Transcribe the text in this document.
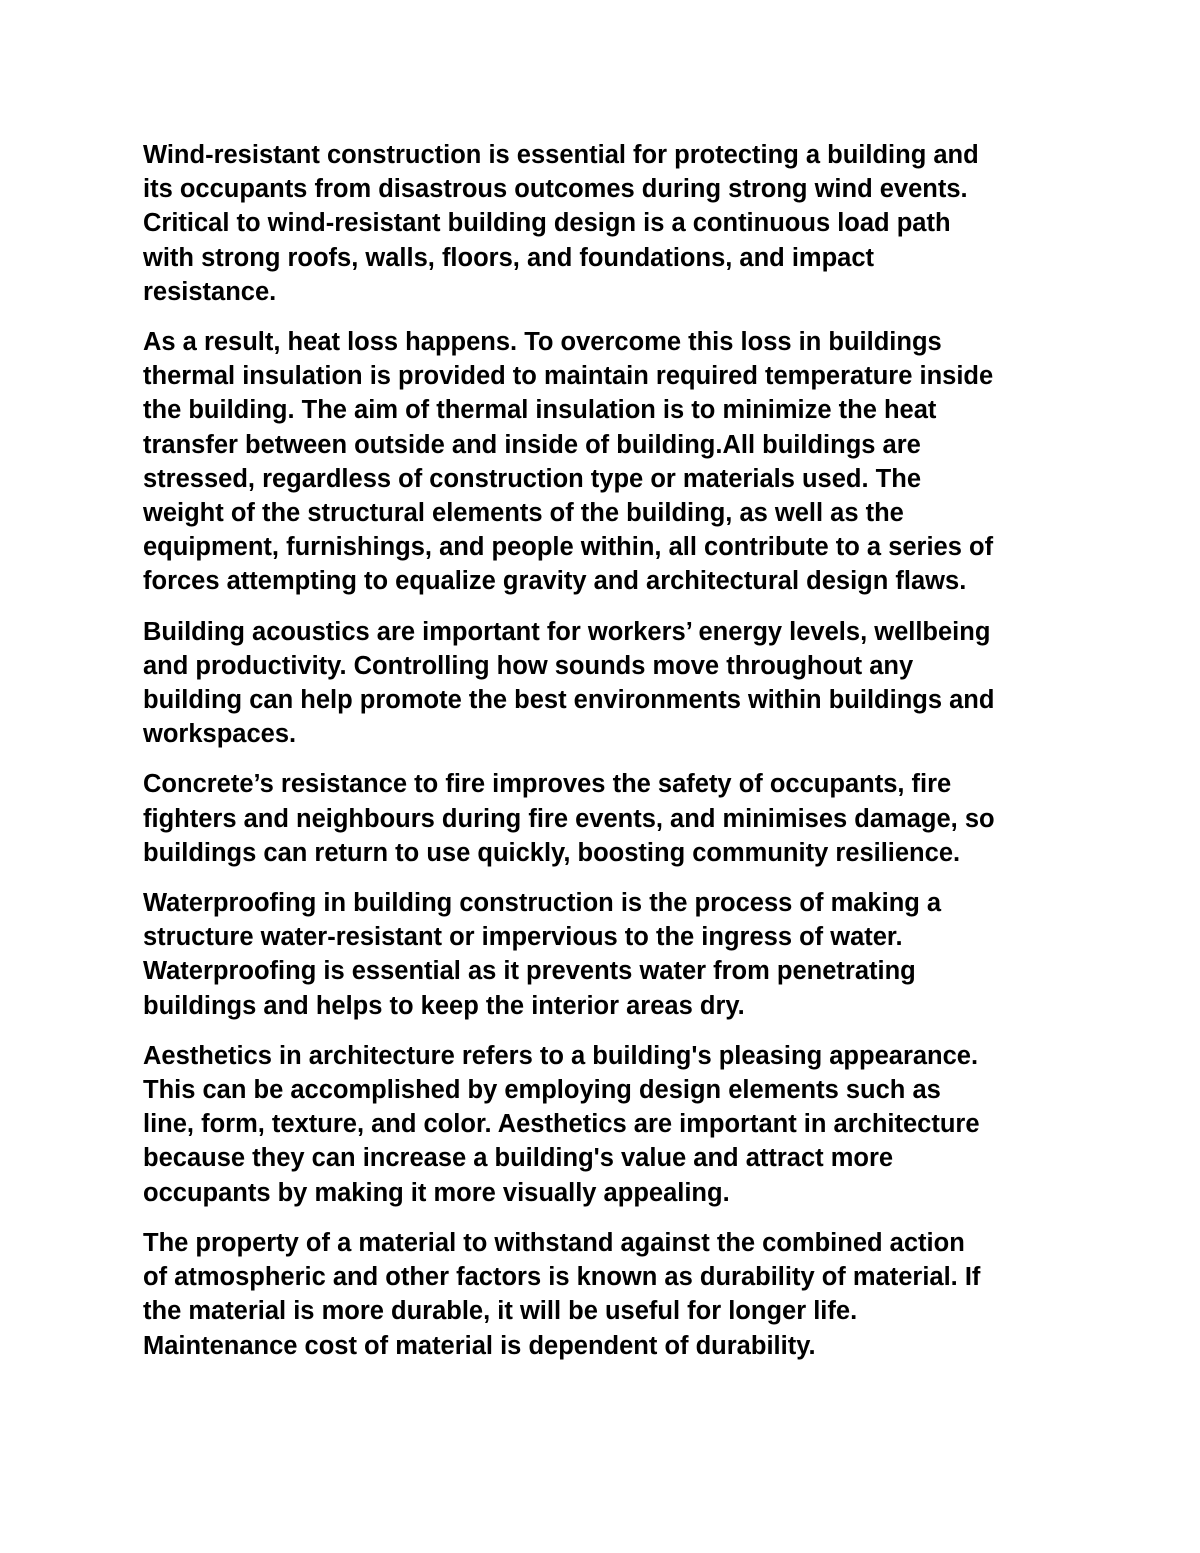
Wind-resistant construction is essential for protecting a building and
its occupants from disastrous outcomes during strong wind events.
Critical to wind-resistant building design is a continuous load path
with strong roofs, walls, floors, and foundations, and impact
resistance.

As a result, heat loss happens. To overcome this loss in buildings
thermal insulation is provided to maintain required temperature inside
the building. The aim of thermal insulation is to minimize the heat
transfer between outside and inside of building.All buildings are
stressed, regardless of construction type or materials used. The
weight of the structural elements of the building, as well as the
equipment, furnishings, and people within, all contribute to a series of
forces attempting to equalize gravity and architectural design flaws.

Building acoustics are important for workers’ energy levels, wellbeing
and productivity. Controlling how sounds move throughout any
building can help promote the best environments within buildings and
workspaces.

Concrete’s resistance to fire improves the safety of occupants, fire
fighters and neighbours during fire events, and minimises damage, so
buildings can return to use quickly, boosting community resilience.

Waterproofing in building construction is the process of making a
structure water-resistant or impervious to the ingress of water.
Waterproofing is essential as it prevents water from penetrating
buildings and helps to keep the interior areas dry.

Aesthetics in architecture refers to a building's pleasing appearance.
This can be accomplished by employing design elements such as
line, form, texture, and color. Aesthetics are important in architecture
because they can increase a building's value and attract more
occupants by making it more visually appealing.

The property of a material to withstand against the combined action
of atmospheric and other factors is known as durability of material. If
the material is more durable, it will be useful for longer life.
Maintenance cost of material is dependent of durability.
